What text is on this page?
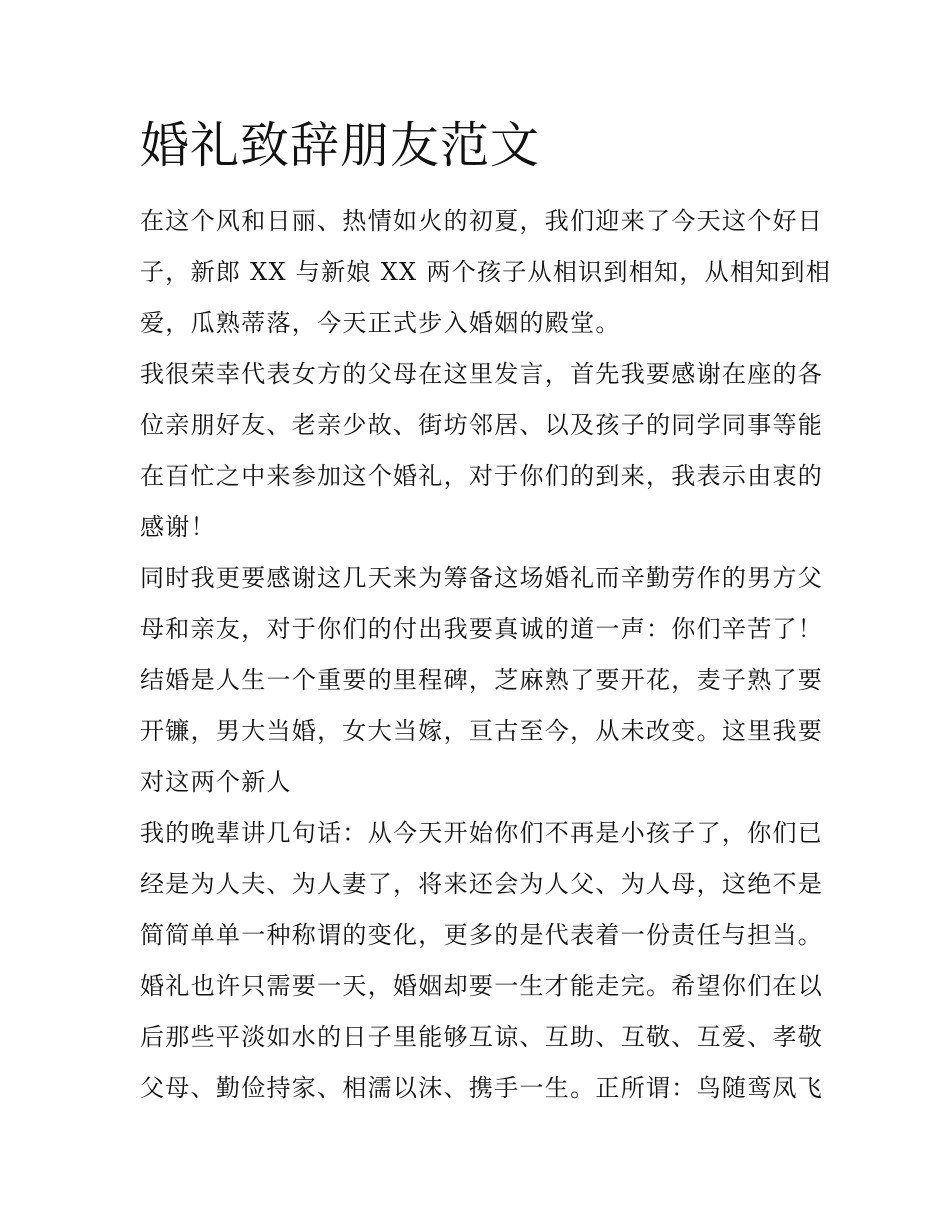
婚礼致辞朋友范文
在这个风和日丽、热情如火的初夏，我们迎来了今天这个好日
子，新郎 XX 与新娘 XX 两个孩子从相识到相知，从相知到相
爱，瓜熟蒂落，今天正式步入婚姻的殿堂。
我很荣幸代表女方的父母在这里发言，首先我要感谢在座的各
位亲朋好友、老亲少故、街坊邻居、以及孩子的同学同事等能
在百忙之中来参加这个婚礼，对于你们的到来，我表示由衷的
感谢！
同时我更要感谢这几天来为筹备这场婚礼而辛勤劳作的男方父
母和亲友，对于你们的付出我要真诚的道一声：你们辛苦了！
结婚是人生一个重要的里程碑，芝麻熟了要开花，麦子熟了要
开镰，男大当婚，女大当嫁，亘古至今，从未改变。这里我要
对这两个新人
我的晚辈讲几句话：从今天开始你们不再是小孩子了，你们已
经是为人夫、为人妻了，将来还会为人父、为人母，这绝不是
简简单单一种称谓的变化，更多的是代表着一份责任与担当。
婚礼也许只需要一天，婚姻却要一生才能走完。希望你们在以
后那些平淡如水的日子里能够互谅、互助、互敬、互爱、孝敬
父母、勤俭持家、相濡以沫、携手一生。正所谓：鸟随鸾凤飞
